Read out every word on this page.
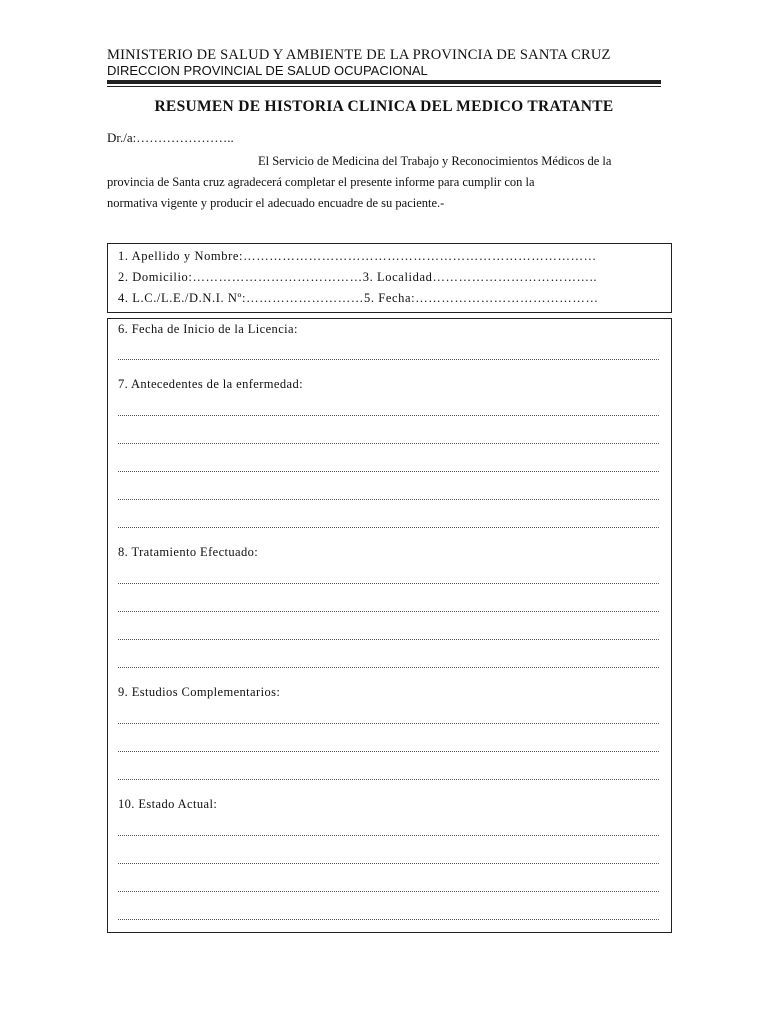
MINISTERIO DE SALUD Y AMBIENTE DE LA PROVINCIA DE SANTA CRUZ
DIRECCION PROVINCIAL DE SALUD OCUPACIONAL
RESUMEN DE HISTORIA CLINICA DEL MEDICO TRATANTE
Dr./a:…………………..
El Servicio de Medicina del Trabajo y Reconocimientos Médicos de la
provincia de Santa cruz agradecerá completar el presente informe para cumplir con la
normativa vigente y producir el adecuado encuadre de su paciente.-
1. Apellido y Nombre:………………………………………………………………………
2. Domicilio:…………………………………3. Localidad………………………………..
4. L.C./L.E./D.N.I. Nº:………………………5. Fecha:……………………………………
6. Fecha de Inicio de la Licencia:
7. Antecedentes de la enfermedad:
8. Tratamiento Efectuado:
9. Estudios Complementarios:
10. Estado Actual:
